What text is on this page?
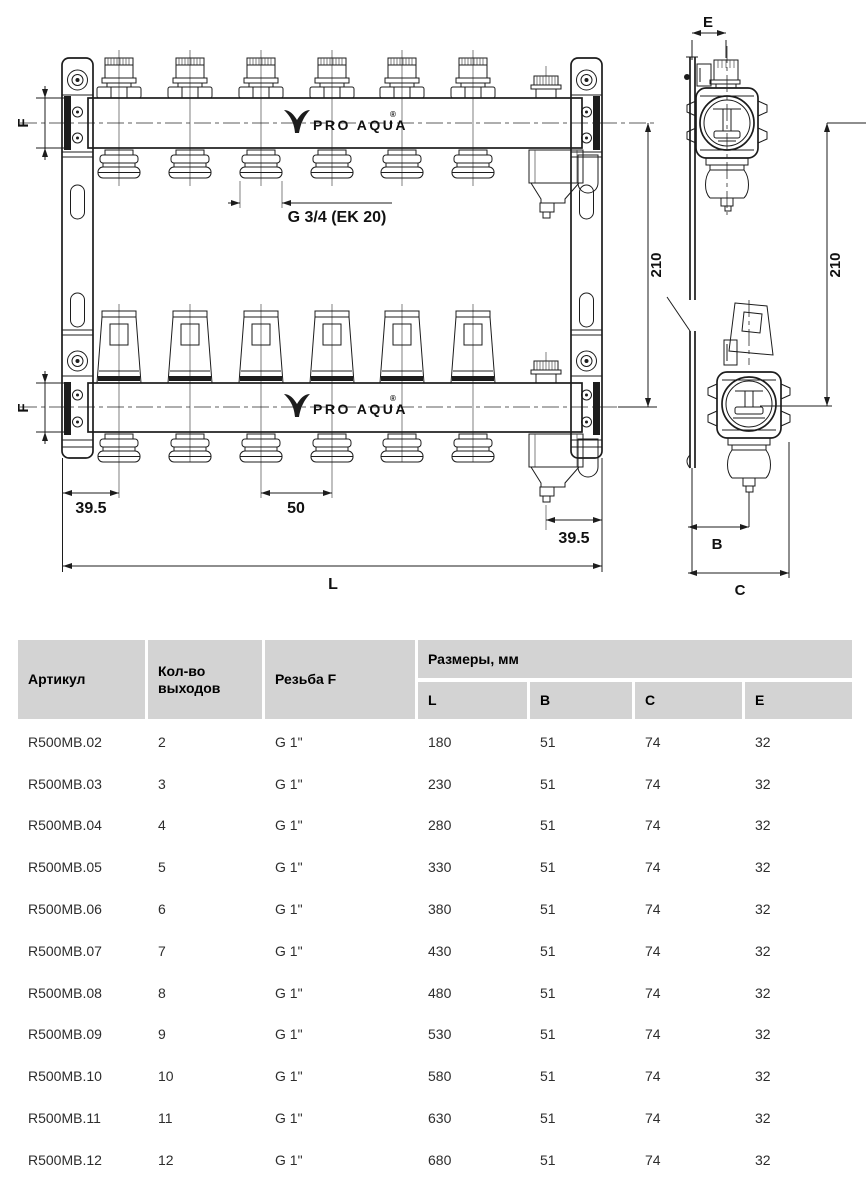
PRO AQUA
®
PRO AQUA
®
F
F
G 3/4 (EK 20)
39.5	50
39.5
L
210
E
B
C
210
Артикул
Кол-во выходов
Резьба F
Размеры, мм
L	B	C	E
R500MB.02	2	G 1"	180	51	74	32
R500MB.03	3	G 1"	230	51	74	32
R500MB.04	4	G 1"	280	51	74	32
R500MB.05	5	G 1"	330	51	74	32
R500MB.06	6	G 1"	380	51	74	32
R500MB.07	7	G 1"	430	51	74	32
R500MB.08	8	G 1"	480	51	74	32
R500MB.09	9	G 1"	530	51	74	32
R500MB.10	10	G 1"	580	51	74	32
R500MB.11	11	G 1"	630	51	74	32
R500MB.12	12	G 1"	680	51	74	32
